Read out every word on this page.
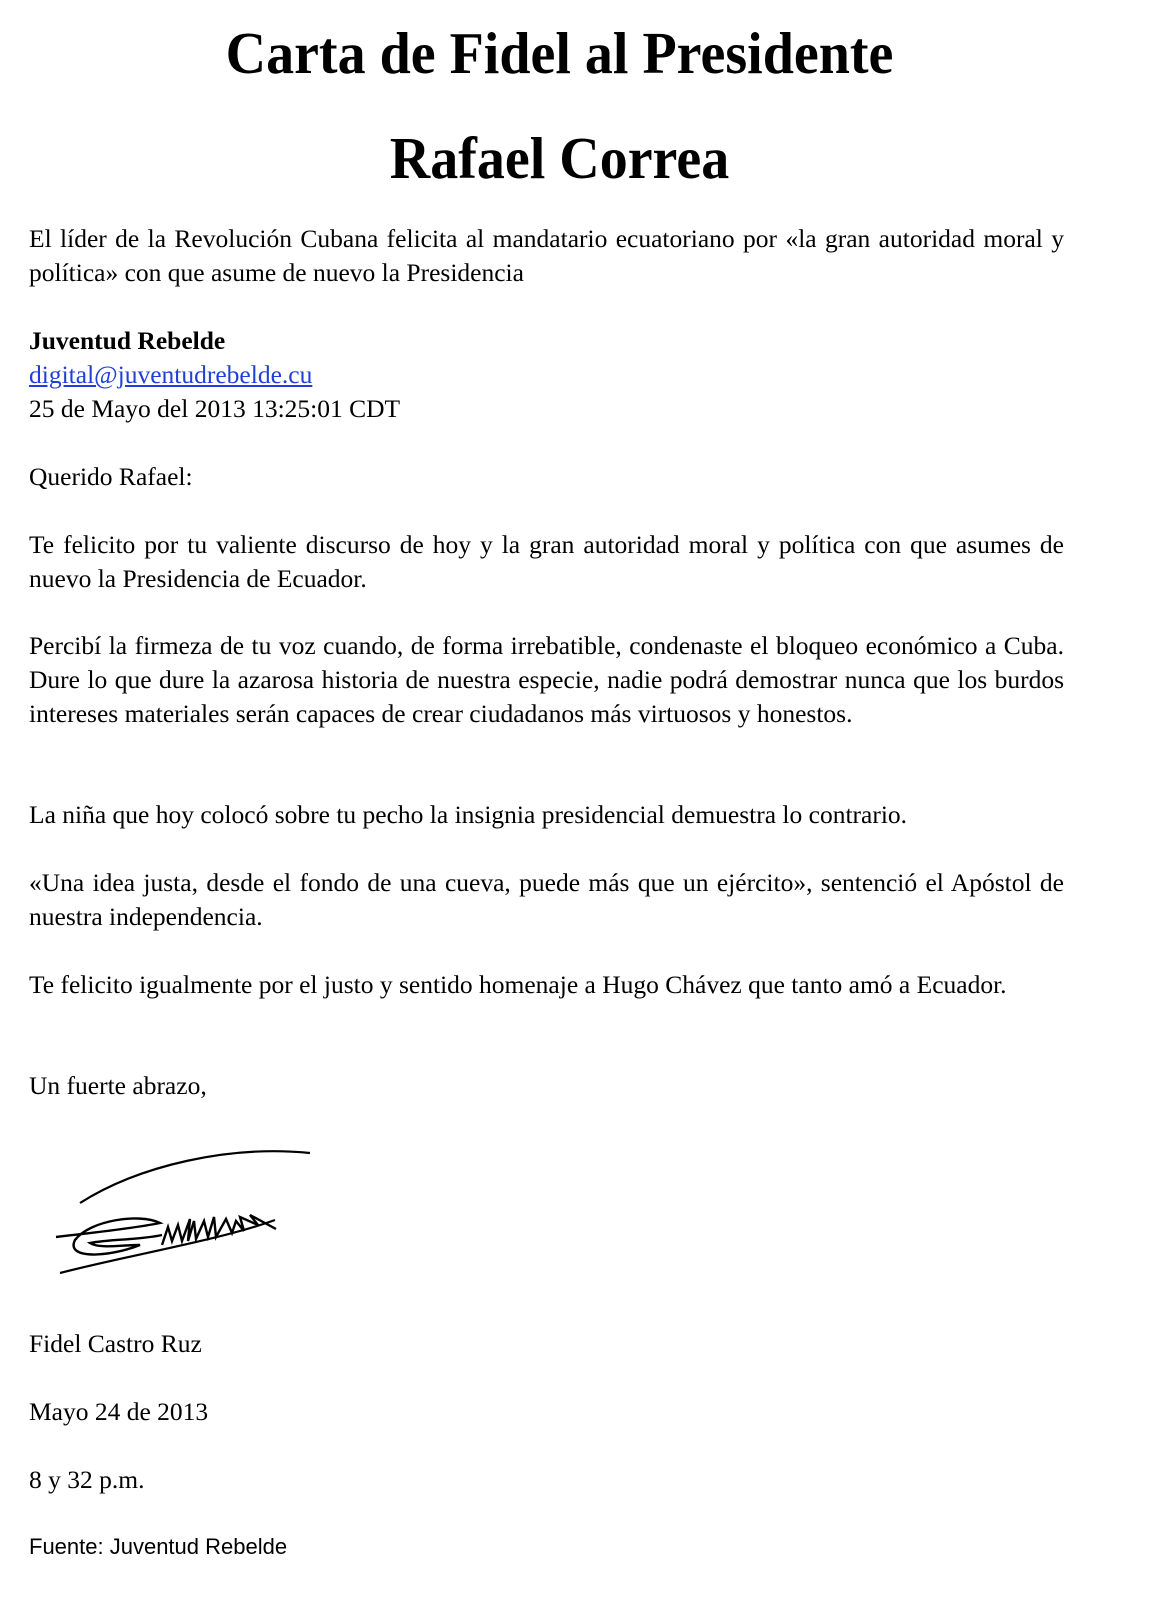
Carta de Fidel al Presidente
Rafael Correa
El líder de la Revolución Cubana felicita al mandatario ecuatoriano por «la gran autoridad moral y política» con que asume de nuevo la Presidencia
Juventud Rebelde
digital@juventudrebelde.cu
25 de Mayo del 2013 13:25:01 CDT
Querido Rafael:
Te felicito por tu valiente discurso de hoy y la gran autoridad moral y política con que asumes de nuevo la Presidencia de Ecuador.
Percibí la firmeza de tu voz cuando, de forma irrebatible, condenaste el bloqueo económico a Cuba. Dure lo que dure la azarosa historia de nuestra especie, nadie podrá demostrar nunca que los burdos intereses materiales serán capaces de crear ciudadanos más virtuosos y honestos.
La niña que hoy colocó sobre tu pecho la insignia presidencial demuestra lo contrario.
«Una idea justa, desde el fondo de una cueva, puede más que un ejército», sentenció el Apóstol de nuestra independencia.
Te felicito igualmente por el justo y sentido homenaje a Hugo Chávez que tanto amó a Ecuador.
Un fuerte abrazo,
Fidel Castro Ruz
Mayo 24 de 2013
8 y 32 p.m.
Fuente: Juventud Rebelde
